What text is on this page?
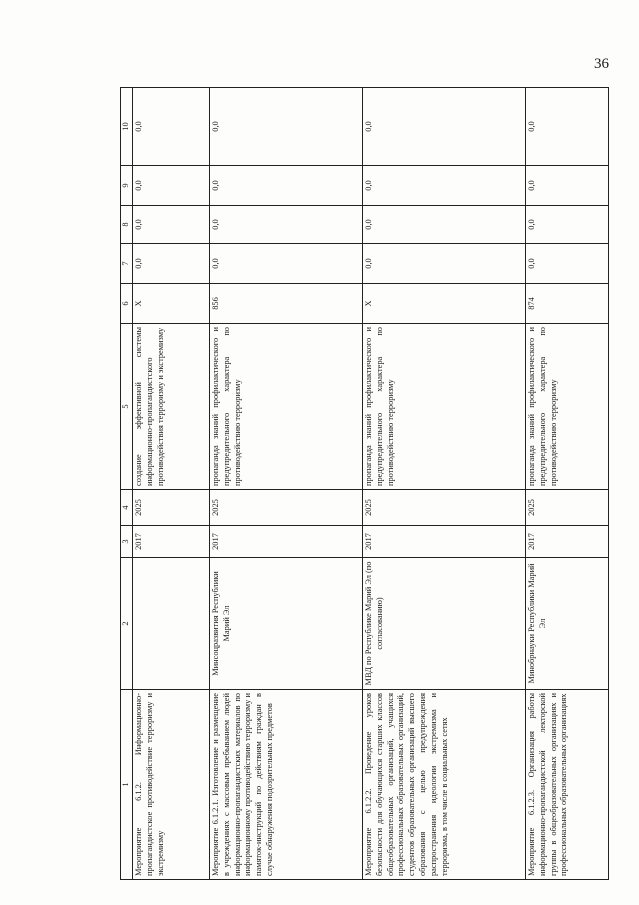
36
1	2	3	4	5	6	7	8	9	10
Мероприятие 6.1.2. Информационно-пропагандистское противодействие терроризму и экстремизму		2017	2025	создание эффективной системы информационно-пропагандистского противодействия терроризму и экстремизму	X	0,0	0,0	0,0	0,0
Мероприятие 6.1.2.1. Изготовление и размещение в учреждениях с массовым пребыванием людей информационно-пропагандистских материалов по информационному противодействию терроризму и памяток-инструкций по действиям граждан в случае обнаружения подозрительных предметов	Минсоцразвития Республики Марий Эл	2017	2025	пропаганда знаний профилактического и предупредительного характера по противодействию терроризму	856	0,0	0,0	0,0	0,0
Мероприятие 6.1.2.2. Проведение уроков безопасности для обучающихся старших классов общеобразовательных организаций, учащихся профессиональных образовательных организаций, студентов образовательных организаций высшего образования с целью предупреждения распространения идеологии экстремизма и терроризма, в том числе в социальных сетях	МВД по Республике Марий Эл (по согласованию)	2017	2025	пропаганда знаний профилактического и предупредительного характера по противодействию терроризму	X	0,0	0,0	0,0	0,0
Мероприятие 6.1.2.3. Организация работы информационно-пропагандистской лекторской группы в общеобразовательных организациях и профессиональных образовательных организациях	Минобрнауки Республики Марий Эл	2017	2025	пропаганда знаний профилактического и предупредительного характера по противодействию терроризму	874	0,0	0,0	0,0	0,0
